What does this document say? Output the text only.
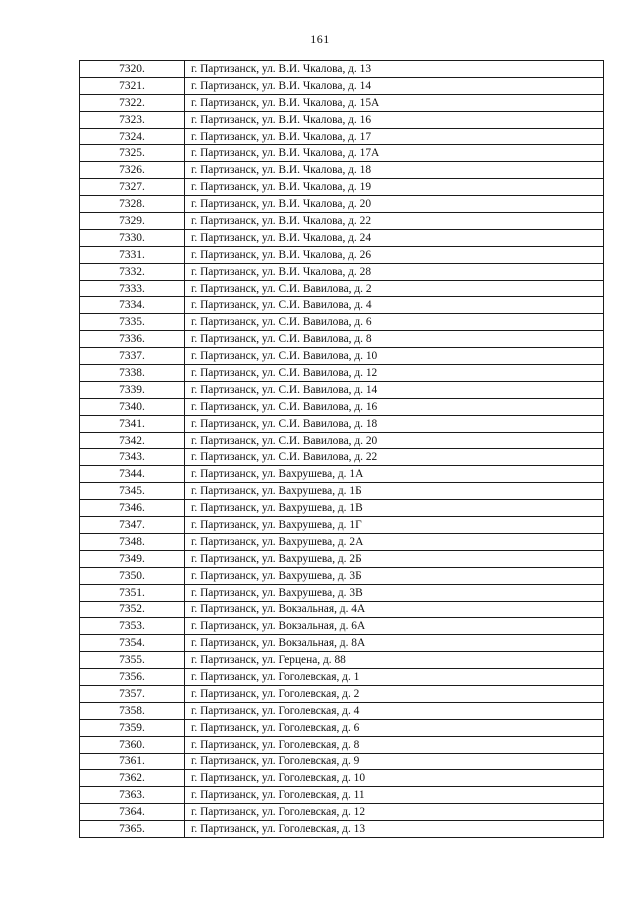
161
7320.	г. Партизанск, ул. В.И. Чкалова, д. 13
7321.	г. Партизанск, ул. В.И. Чкалова, д. 14
7322.	г. Партизанск, ул. В.И. Чкалова, д. 15А
7323.	г. Партизанск, ул. В.И. Чкалова, д. 16
7324.	г. Партизанск, ул. В.И. Чкалова, д. 17
7325.	г. Партизанск, ул. В.И. Чкалова, д. 17А
7326.	г. Партизанск, ул. В.И. Чкалова, д. 18
7327.	г. Партизанск, ул. В.И. Чкалова, д. 19
7328.	г. Партизанск, ул. В.И. Чкалова, д. 20
7329.	г. Партизанск, ул. В.И. Чкалова, д. 22
7330.	г. Партизанск, ул. В.И. Чкалова, д. 24
7331.	г. Партизанск, ул. В.И. Чкалова, д. 26
7332.	г. Партизанск, ул. В.И. Чкалова, д. 28
7333.	г. Партизанск, ул. С.И. Вавилова, д. 2
7334.	г. Партизанск, ул. С.И. Вавилова, д. 4
7335.	г. Партизанск, ул. С.И. Вавилова, д. 6
7336.	г. Партизанск, ул. С.И. Вавилова, д. 8
7337.	г. Партизанск, ул. С.И. Вавилова, д. 10
7338.	г. Партизанск, ул. С.И. Вавилова, д. 12
7339.	г. Партизанск, ул. С.И. Вавилова, д. 14
7340.	г. Партизанск, ул. С.И. Вавилова, д. 16
7341.	г. Партизанск, ул. С.И. Вавилова, д. 18
7342.	г. Партизанск, ул. С.И. Вавилова, д. 20
7343.	г. Партизанск, ул. С.И. Вавилова, д. 22
7344.	г. Партизанск, ул. Вахрушева, д. 1А
7345.	г. Партизанск, ул. Вахрушева, д. 1Б
7346.	г. Партизанск, ул. Вахрушева, д. 1В
7347.	г. Партизанск, ул. Вахрушева, д. 1Г
7348.	г. Партизанск, ул. Вахрушева, д. 2А
7349.	г. Партизанск, ул. Вахрушева, д. 2Б
7350.	г. Партизанск, ул. Вахрушева, д. 3Б
7351.	г. Партизанск, ул. Вахрушева, д. 3В
7352.	г. Партизанск, ул. Вокзальная, д. 4А
7353.	г. Партизанск, ул. Вокзальная, д. 6А
7354.	г. Партизанск, ул. Вокзальная, д. 8А
7355.	г. Партизанск, ул. Герцена, д. 88
7356.	г. Партизанск, ул. Гоголевская, д. 1
7357.	г. Партизанск, ул. Гоголевская, д. 2
7358.	г. Партизанск, ул. Гоголевская, д. 4
7359.	г. Партизанск, ул. Гоголевская, д. 6
7360.	г. Партизанск, ул. Гоголевская, д. 8
7361.	г. Партизанск, ул. Гоголевская, д. 9
7362.	г. Партизанск, ул. Гоголевская, д. 10
7363.	г. Партизанск, ул. Гоголевская, д. 11
7364.	г. Партизанск, ул. Гоголевская, д. 12
7365.	г. Партизанск, ул. Гоголевская, д. 13
